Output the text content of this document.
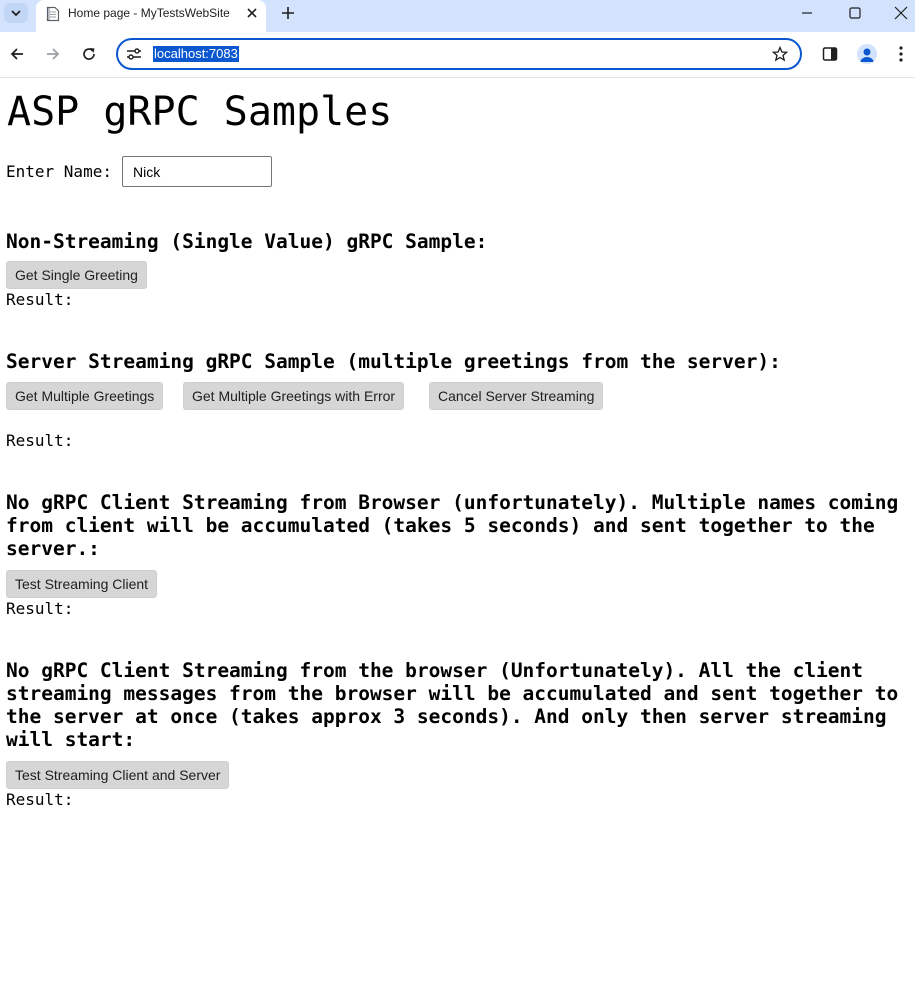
Home page - MyTestsWebSite
localhost:7083
ASP gRPC Samples
Enter Name:
Nick
Non-Streaming (Single Value) gRPC Sample:
Get Single Greeting
Result:
Server Streaming gRPC Sample (multiple greetings from the server):
Get Multiple Greetings	Get Multiple Greetings with Error	Cancel Server Streaming
Result:
No gRPC Client Streaming from Browser (unfortunately). Multiple names coming from client will be accumulated (takes 5 seconds) and sent together to the server.:
Test Streaming Client
Result:
No gRPC Client Streaming from the browser (Unfortunately). All the client streaming messages from the browser will be accumulated and sent together to the server at once (takes approx 3 seconds). And only then server streaming will start:
Test Streaming Client and Server
Result:
